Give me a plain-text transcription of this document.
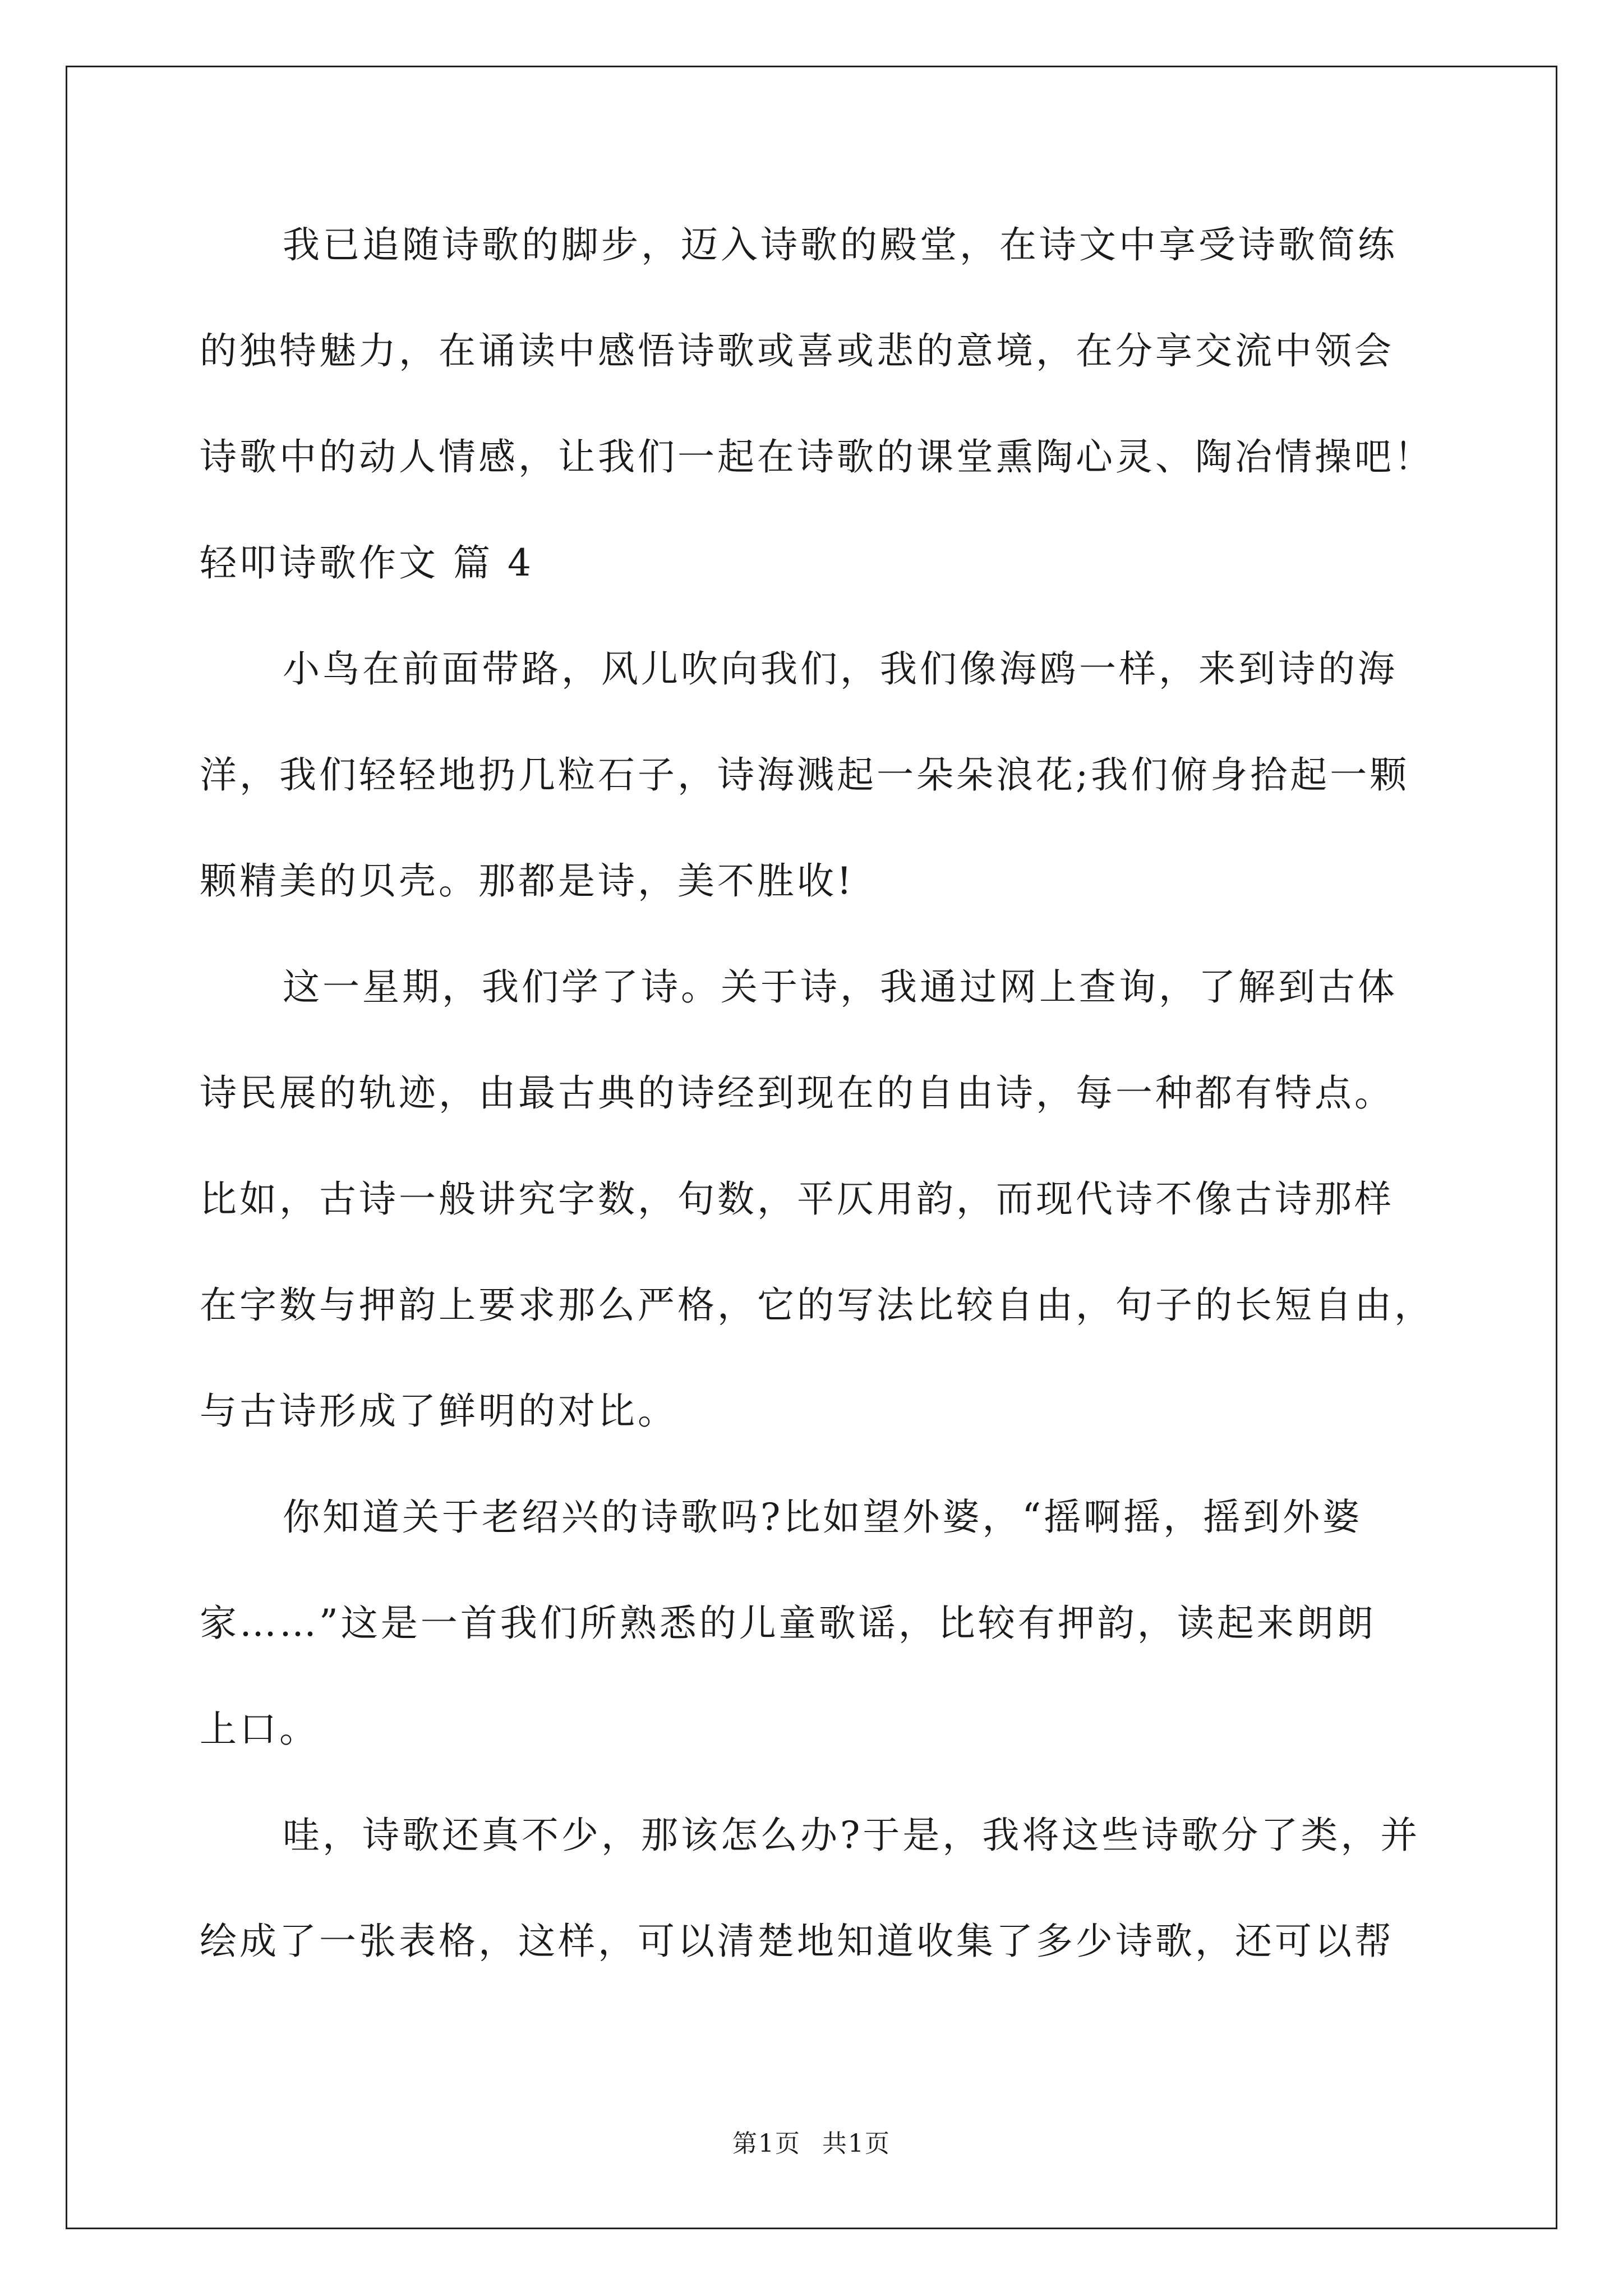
我已追随诗歌的脚步，迈入诗歌的殿堂，在诗文中享受诗歌简练
的独特魅力，在诵读中感悟诗歌或喜或悲的意境，在分享交流中领会
诗歌中的动人情感，让我们一起在诗歌的课堂熏陶心灵、陶冶情操吧！
轻叩诗歌作文 篇 4
小鸟在前面带路，风儿吹向我们，我们像海鸥一样，来到诗的海
洋，我们轻轻地扔几粒石子，诗海溅起一朵朵浪花;我们俯身拾起一颗
颗精美的贝壳。那都是诗，美不胜收!
这一星期，我们学了诗。关于诗，我通过网上查询，了解到古体
诗民展的轨迹，由最古典的诗经到现在的自由诗，每一种都有特点。
比如，古诗一般讲究字数，句数，平仄用韵，而现代诗不像古诗那样
在字数与押韵上要求那么严格，它的写法比较自由，句子的长短自由，
与古诗形成了鲜明的对比。
你知道关于老绍兴的诗歌吗?比如望外婆，“摇啊摇，摇到外婆
家……”这是一首我们所熟悉的儿童歌谣，比较有押韵，读起来朗朗
上口。
哇，诗歌还真不少，那该怎么办?于是，我将这些诗歌分了类，并
绘成了一张表格，这样，可以清楚地知道收集了多少诗歌，还可以帮
第1页 共1页
